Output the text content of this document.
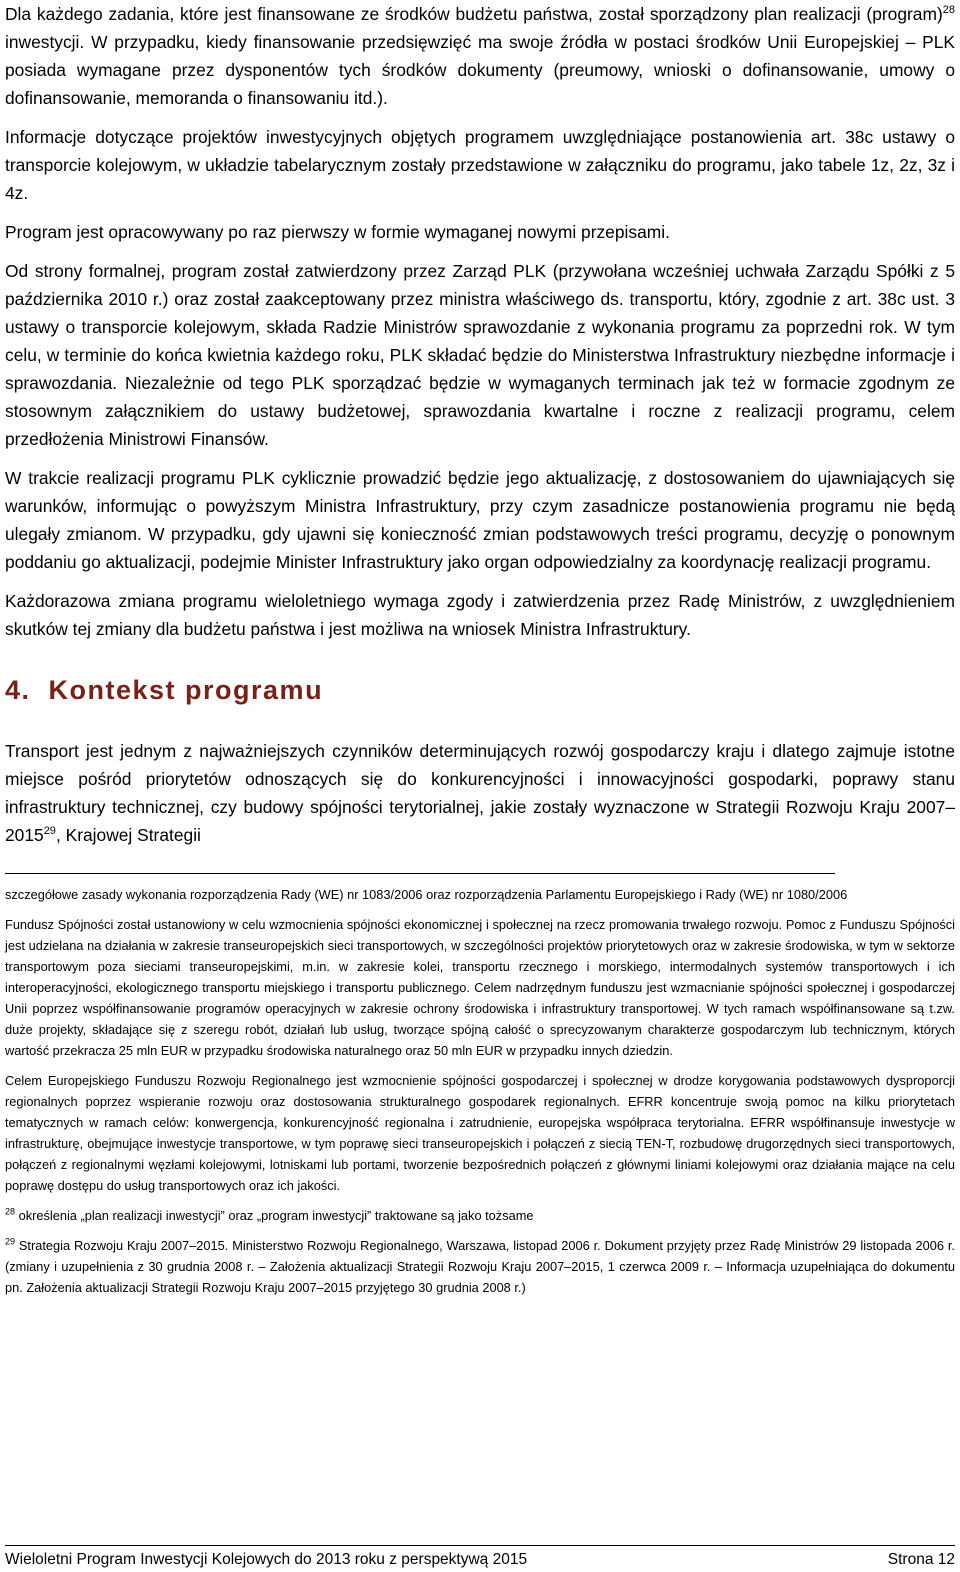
Dla każdego zadania, które jest finansowane ze środków budżetu państwa, został sporządzony plan realizacji (program)$^{28}$ inwestycji. W przypadku, kiedy finansowanie przedsięwzięć ma swoje źródła w postaci środków Unii Europejskiej – PLK posiada wymagane przez dysponentów tych środków dokumenty (preumowy, wnioski o dofinansowanie, umowy o dofinansowanie, memoranda o finansowaniu itd.).

Informacje dotyczące projektów inwestycyjnych objętych programem uwzględniające postanowienia art. 38c ustawy o transporcie kolejowym, w układzie tabelarycznym zostały przedstawione w załączniku do programu, jako tabele 1z, 2z, 3z i 4z.

Program jest opracowywany po raz pierwszy w formie wymaganej nowymi przepisami.

Od strony formalnej, program został zatwierdzony przez Zarząd PLK (przywołana wcześniej uchwała Zarządu Spółki z 5 października 2010 r.) oraz został zaakceptowany przez ministra właściwego ds. transportu, który, zgodnie z art. 38c ust. 3 ustawy o transporcie kolejowym, składa Radzie Ministrów sprawozdanie z wykonania programu za poprzedni rok. W tym celu, w terminie do końca kwietnia każdego roku, PLK składać będzie do Ministerstwa Infrastruktury niezbędne informacje i sprawozdania. Niezależnie od tego PLK sporządzać będzie w wymaganych terminach jak też w formacie zgodnym ze stosownym załącznikiem do ustawy budżetowej, sprawozdania kwartalne i roczne z realizacji programu, celem przedłożenia Ministrowi Finansów.

W trakcie realizacji programu PLK cyklicznie prowadzić będzie jego aktualizację, z dostosowaniem do ujawniających się warunków, informując o powyższym Ministra Infrastruktury, przy czym zasadnicze postanowienia programu nie będą ulegały zmianom. W przypadku, gdy ujawni się konieczność zmian podstawowych treści programu, decyzję o ponownym poddaniu go aktualizacji, podejmie Minister Infrastruktury jako organ odpowiedzialny za koordynację realizacji programu.

Każdorazowa zmiana programu wieloletniego wymaga zgody i zatwierdzenia przez Radę Ministrów, z uwzględnieniem skutków tej zmiany dla budżetu państwa i jest możliwa na wniosek Ministra Infrastruktury.

4. Kontekst programu

Transport jest jednym z najważniejszych czynników determinujących rozwój gospodarczy kraju i dlatego zajmuje istotne miejsce pośród priorytetów odnoszących się do konkurencyjności i innowacyjności gospodarki, poprawy stanu infrastruktury technicznej, czy budowy spójności terytorialnej, jakie zostały wyznaczone w Strategii Rozwoju Kraju 2007–2015$^{29}$, Krajowej Strategii

szczegółowe zasady wykonania rozporządzenia Rady (WE) nr 1083/2006 oraz rozporządzenia Parlamentu Europejskiego i Rady (WE) nr 1080/2006

Fundusz Spójności został ustanowiony w celu wzmocnienia spójności ekonomicznej i społecznej na rzecz promowania trwałego rozwoju. Pomoc z Funduszu Spójności jest udzielana na działania w zakresie transeuropejskich sieci transportowych, w szczególności projektów priorytetowych oraz w zakresie środowiska, w tym w sektorze transportowym poza sieciami transeuropejskimi, m.in. w zakresie kolei, transportu rzecznego i morskiego, intermodalnych systemów transportowych i ich interoperacyjności, ekologicznego transportu miejskiego i transportu publicznego. Celem nadrzędnym funduszu jest wzmacnianie spójności społecznej i gospodarczej Unii poprzez współfinansowanie programów operacyjnych w zakresie ochrony środowiska i infrastruktury transportowej. W tych ramach współfinansowane są t.zw. duże projekty, składające się z szeregu robót, działań lub usług, tworzące spójną całość o sprecyzowanym charakterze gospodarczym lub technicznym, których wartość przekracza 25 mln EUR w przypadku środowiska naturalnego oraz 50 mln EUR w przypadku innych dziedzin.

Celem Europejskiego Funduszu Rozwoju Regionalnego jest wzmocnienie spójności gospodarczej i społecznej w drodze korygowania podstawowych dysproporcji regionalnych poprzez wspieranie rozwoju oraz dostosowania strukturalnego gospodarek regionalnych. EFRR koncentruje swoją pomoc na kilku priorytetach tematycznych w ramach celów: konwergencja, konkurencyjność regionalna i zatrudnienie, europejska współpraca terytorialna. EFRR współfinansuje inwestycje w infrastrukturę, obejmujące inwestycje transportowe, w tym poprawę sieci transeuropejskich i połączeń z siecią TEN-T, rozbudowę drugorzędnych sieci transportowych, połączeń z regionalnymi węzłami kolejowymi, lotniskami lub portami, tworzenie bezpośrednich połączeń z głównymi liniami kolejowymi oraz działania mające na celu poprawę dostępu do usług transportowych oraz ich jakości.

$^{28}$ określenia „plan realizacji inwestycji” oraz „program inwestycji” traktowane są jako tożsame

$^{29}$ Strategia Rozwoju Kraju 2007–2015. Ministerstwo Rozwoju Regionalnego, Warszawa, listopad 2006 r. Dokument przyjęty przez Radę Ministrów 29 listopada 2006 r. (zmiany i uzupełnienia z 30 grudnia 2008 r. – Założenia aktualizacji Strategii Rozwoju Kraju 2007–2015, 1 czerwca 2009 r. – Informacja uzupełniająca do dokumentu pn. Założenia aktualizacji Strategii Rozwoju Kraju 2007–2015 przyjętego 30 grudnia 2008 r.)

Wieloletni Program Inwestycji Kolejowych do 2013 roku z perspektywą 2015	Strona 12
